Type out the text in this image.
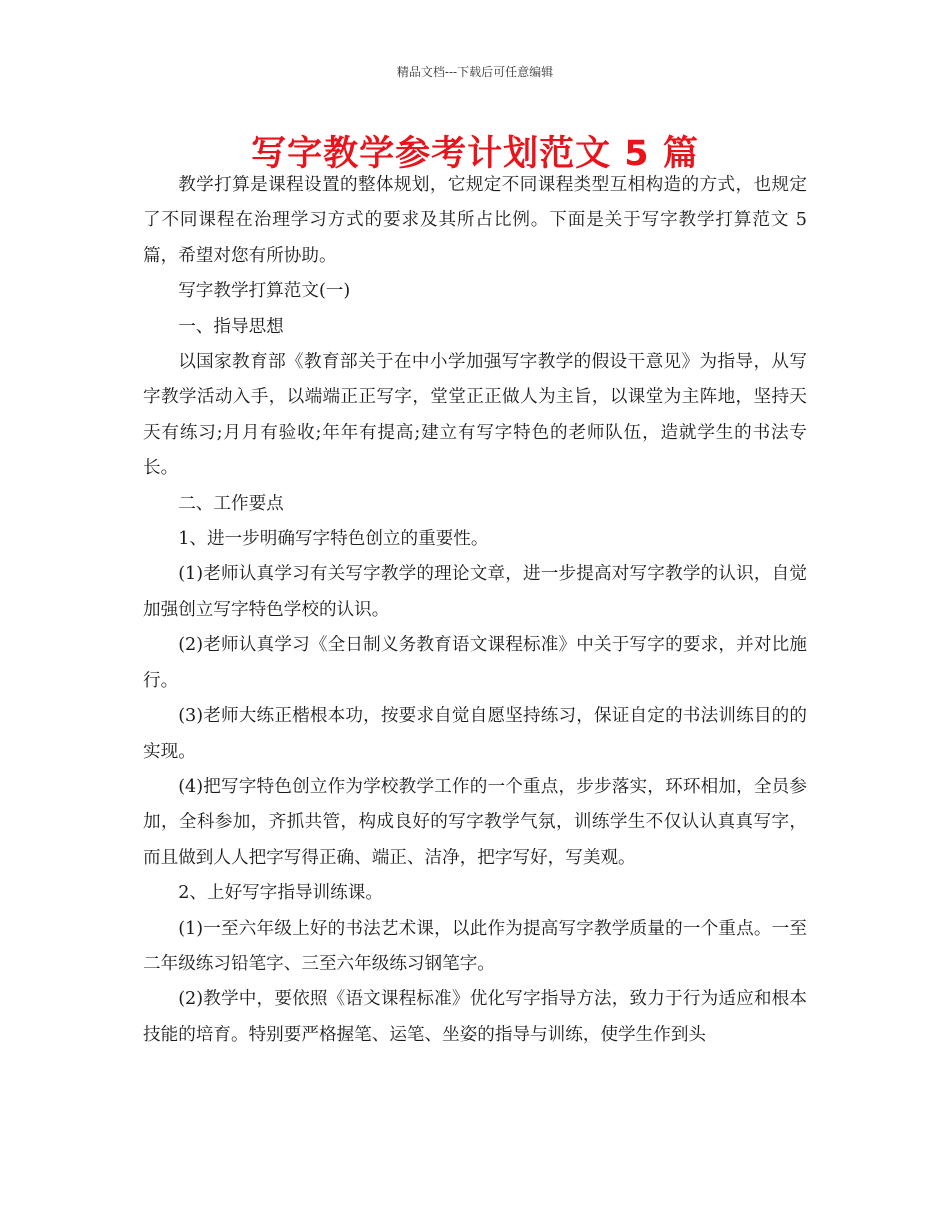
精品文档---下载后可任意编辑
写字教学参考计划范文 5 篇

教学打算是课程设置的整体规划，它规定不同课程类型互相构造的方式，也规定了不同课程在治理学习方式的要求及其所占比例。下面是关于写字教学打算范文 5 篇，希望对您有所协助。

写字教学打算范文(一)

一、指导思想

以国家教育部《教育部关于在中小学加强写字教学的假设干意见》为指导，从写字教学活动入手，以端端正正写字，堂堂正正做人为主旨，以课堂为主阵地，坚持天天有练习;月月有验收;年年有提高;建立有写字特色的老师队伍，造就学生的书法专长。

二、工作要点

1、进一步明确写字特色创立的重要性。

(1)老师认真学习有关写字教学的理论文章，进一步提高对写字教学的认识，自觉加强创立写字特色学校的认识。

(2)老师认真学习《全日制义务教育语文课程标准》中关于写字的要求，并对比施行。

(3)老师大练正楷根本功，按要求自觉自愿坚持练习，保证自定的书法训练目的的实现。

(4)把写字特色创立作为学校教学工作的一个重点，步步落实，环环相加，全员参加，全科参加，齐抓共管，构成良好的写字教学气氛，训练学生不仅认认真真写字，而且做到人人把字写得正确、端正、洁净，把字写好，写美观。

2、上好写字指导训练课。

(1)一至六年级上好的书法艺术课，以此作为提高写字教学质量的一个重点。一至二年级练习铅笔字、三至六年级练习钢笔字。

(2)教学中，要依照《语文课程标准》优化写字指导方法，致力于行为适应和根本技能的培育。特别要严格握笔、运笔、坐姿的指导与训练，使学生作到头
